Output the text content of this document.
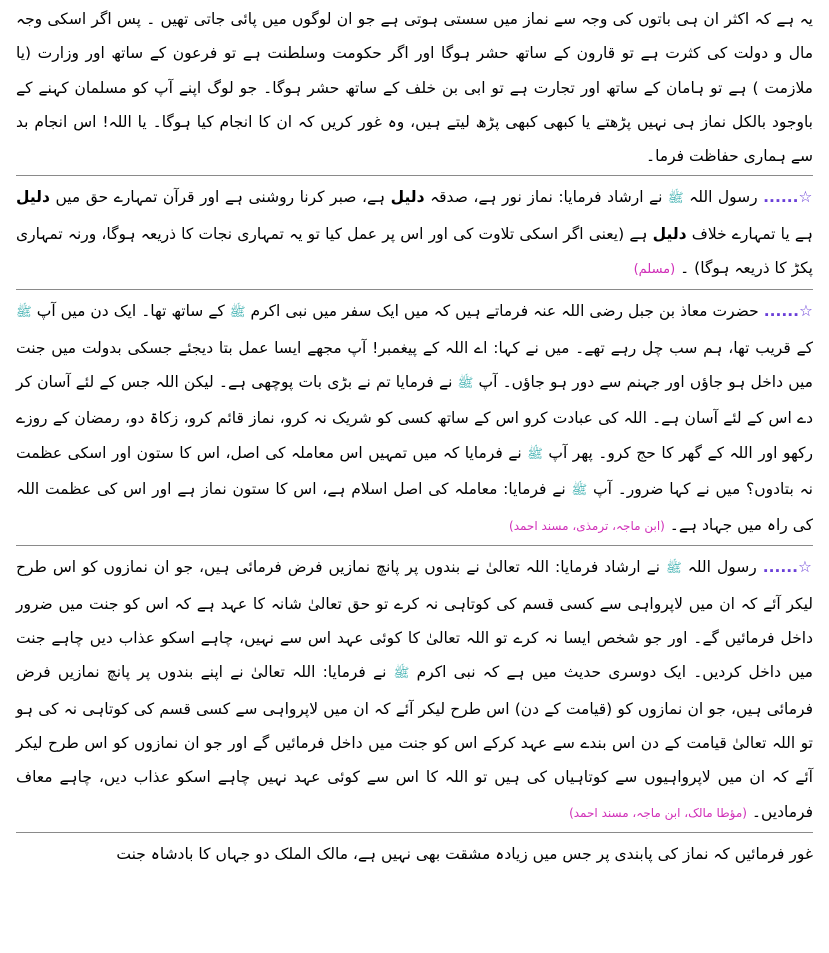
یہ ہے کہ اکثر ان ہی باتوں کی وجہ سے نماز میں سستی ہوتی ہے جو ان لوگوں میں پائی جاتی تھیں ۔ پس اگر اسکی وجہ مال و دولت کی کثرت ہے تو قارون کے ساتھ حشر ہوگا اور اگر حکومت وسلطنت ہے تو فرعون کے ساتھ اور وزارت (یا ملازمت ) ہے تو ہامان کے ساتھ اور تجارت ہے تو ابی بن خلف کے ساتھ حشر ہوگا۔ جو لوگ اپنے آپ کو مسلمان کہنے کے باوجود بالکل نماز ہی نہیں پڑھتے یا کبھی کبھی پڑھ لیتے ہیں، وہ غور کریں کہ ان کا انجام کیا ہوگا۔ یا اللہ! اس انجام بد سے ہماری حفاظت فرما۔

☆...... رسول اللہ ﷺ نے ارشاد فرمایا: نماز نور ہے، صدقہ دلیل ہے، صبر کرنا روشنی ہے اور قرآن تمہارے حق میں دلیل ہے یا تمہارے خلاف دلیل ہے (یعنی اگر اسکی تلاوت کی اور اس پر عمل کیا تو یہ تمہاری نجات کا ذریعہ ہوگا، ورنہ تمہاری پکڑ کا ذریعہ ہوگا) ۔ (مسلم)

☆...... حضرت معاذ بن جبل رضی اللہ عنہ فرماتے ہیں کہ میں ایک سفر میں نبی اکرم ﷺ کے ساتھ تھا۔ ایک دن میں آپ ﷺ کے قریب تھا، ہم سب چل رہے تھے۔ میں نے کہا: اے اللہ کے پیغمبر! آپ مجھے ایسا عمل بتا دیجئے جسکی بدولت میں جنت میں داخل ہو جاؤں اور جہنم سے دور ہو جاؤں۔ آپ ﷺ نے فرمایا تم نے بڑی بات پوچھی ہے۔ لیکن اللہ جس کے لئے آسان کر دے اس کے لئے آسان ہے۔ اللہ کی عبادت کرو اس کے ساتھ کسی کو شریک نہ کرو، نماز قائم کرو، زکاۃ دو، رمضان کے روزے رکھو اور اللہ کے گھر کا حج کرو۔ پھر آپ ﷺ نے فرمایا کہ میں تمہیں اس معاملہ کی اصل، اس کا ستون اور اسکی عظمت نہ بتادوں؟ میں نے کہا ضرور۔ آپ ﷺ نے فرمایا: معاملہ کی اصل اسلام ہے، اس کا ستون نماز ہے اور اس کی عظمت اللہ کی راہ میں جہاد ہے۔ (ابن ماجہ، ترمذی، مسند احمد)

☆...... رسول اللہ ﷺ نے ارشاد فرمایا: اللہ تعالیٰ نے بندوں پر پانچ نمازیں فرض فرمائی ہیں، جو ان نمازوں کو اس طرح لیکر آئے کہ ان میں لاپرواہی سے کسی قسم کی کوتاہی نہ کرے تو حق تعالیٰ شانہ کا عہد ہے کہ اس کو جنت میں ضرور داخل فرمائیں گے۔ اور جو شخص ایسا نہ کرے تو اللہ تعالیٰ کا کوئی عہد اس سے نہیں، چاہے اسکو عذاب دیں چاہے جنت میں داخل کردیں۔ ایک دوسری حدیث میں ہے کہ نبی اکرم ﷺ نے فرمایا: اللہ تعالیٰ نے اپنے بندوں پر پانچ نمازیں فرض فرمائی ہیں، جو ان نمازوں کو (قیامت کے دن) اس طرح لیکر آئے کہ ان میں لاپرواہی سے کسی قسم کی کوتاہی نہ کی ہو تو اللہ تعالیٰ قیامت کے دن اس بندے سے عہد کرکے اس کو جنت میں داخل فرمائیں گے اور جو ان نمازوں کو اس طرح لیکر آئے کہ ان میں لاپرواہیوں سے کوتاہیاں کی ہیں تو اللہ کا اس سے کوئی عہد نہیں چاہے اسکو عذاب دیں، چاہے معاف فرمادیں۔ (مؤطا مالک، ابن ماجہ، مسند احمد)

غور فرمائیں کہ نماز کی پابندی پر جس میں زیادہ مشقت بھی نہیں ہے، مالک الملک دو جہاں کا بادشاہ جنت
